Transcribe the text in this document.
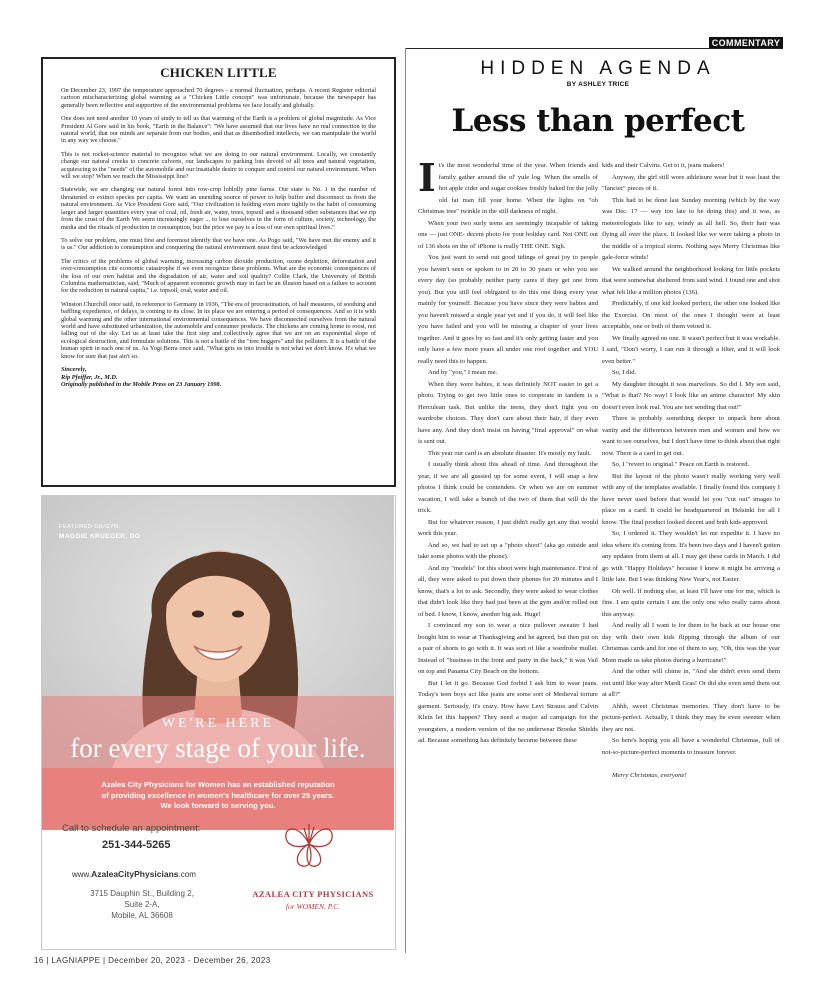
COMMENTARY
CHICKEN LITTLE

On December 23, 1997 the temperature approached 70 degrees - a normal fluctuation, perhaps. A recent Register editorial cartoon mischaracterizing global warming as a "Chicken Little concept" was unfortunate, because the newspaper has generally been reflective and supportive of the environmental problems we face locally and globally.

One does not need another 10 years of study to tell us that warming of the Earth is a problem of global magnitude. As Vice President Al Gore said in his book, "Earth in the Balance": "We have assumed that our lives have no real connection to the natural world, that our minds are separate from our bodies, and that as disembodied intellects, we can manipulate the world in any way we choose."

This is not rocket-science material to recognize what we are doing to our natural environment. Locally, we constantly change our natural creeks to concrete culverts, our landscapes to parking lots devoid of all trees and natural vegetation, acquiescing to the "needs" of the automobile and our insatiable desire to conquer and control our natural environment. When will we stop? When we reach the Mississippi line?

Statewide, we are changing our natural forest into row-crop loblolly pine farms. Our state is No. 1 in the number of threatened or extinct species per capita. We want an unending source of power to help buffer and disconnect us from the natural environment. As Vice President Gore said, "Our civilization is holding even more tightly to the habit of consuming larger and larger quantities every year of coal, oil, fresh air, water, trees, topsoil and a thousand other substances that we rip from the crust of the Earth We seem increasingly eager ... to lose ourselves in the form of culture, society, technology, the media and the rituals of production in consumption, but the price we pay is a loss of our own spiritual lives."

To solve our problem, one must first and foremost identify that we have one. As Pogo said, "We have met the enemy and it is us." Our addiction to consumption and conquering the natural environment must first be acknowledged

The critics of the problems of global warming, increasing carbon dioxide production, ozone depletion, deforestation and over-consumption cite economic catastrophe if we even recognize these problems. What are the economic consequences of the loss of our own habitat and the degradation of air, water and soil quality? Collin Clark, the University of British Columbia mathematician, said, "Much of apparent economic growth may in fact be an illusion based on a failure to account for the reduction in natural capita," i.e. topsoil, coal, water and oil.

Winston Churchill once said, in reference to Germany in 1936, "The era of procrastination, of half measures, of soothing and baffling expedience, of delays, is coming to its close. In its place we are entering a period of consequences. And so it is with global warming and the other international environmental consequences. We have disconnected ourselves from the natural world and have substituted urbanization, the automobile and consumer products. The chickens are coming home to roost, not falling out of the sky. Let us at least take the first step and collectively agree that we are on an exponential slope of ecological destruction, and formulate solutions. This is not a battle of the "tree huggers" and the polluters. It is a battle of the human spirit in each one of us. As Yogi Berra once said, "What gets us into trouble is not what we don't know. It's what we know for sure that just ain't so.

Sincerely,
Rip Pfeiffer, Jr., M.D.
Originally published in the Mobile Press on 23 January 1998.
FEATURED OB/GYN:
MAGGIE KRUEGER, DO
WE'RE HERE
for every stage of your life.
Azalea City Physicians for Women has an established reputation
of providing excellence in women's healthcare for over 25 years.
We look forward to serving you.
Call to schedule an appointment:
251-344-5265
www.AzaleaCityPhysicians.com
3715 Dauphin St., Building 2,
Suite 2-A,
Mobile, AL 36608
AZALEA CITY PHYSICIANS
for WOMEN, P.C.
HIDDEN AGENDA
BY ASHLEY TRICE
Less than perfect

It's the most wonderful time of the year. When friends and family gather around the ol' yule log. When the smells of hot apple cider and sugar cookies freshly baked for the jolly old fat man fill your home. When the lights on "oh Christmas tree" twinkle in the still darkness of night.

When your two surly teens are seemingly incapable of taking one — just ONE- decent photo for your holiday card. Not ONE out of 136 shots on the ol' iPhone is really THE ONE. Sigh.

You just want to send out good tidings of great joy to people you haven't seen or spoken to in 20 to 30 years or who you see every day (so probably neither party cares if they get one from you). But you still feel obligated to do this one thing every year mainly for yourself. Because you have since they were babies and you haven't missed a single year yet and if you do, it will feel like you have failed and you will be missing a chapter of your lives together. And it goes by so fast and it's only getting faster and you only have a few more years all under one roof together and YOU really need this to happen.

And by "you," I mean me.

When they were babies, it was definitely NOT easier to get a photo. Trying to get two little ones to cooperate in tandem is a Herculean task. But unlike the teens, they don't fight you on wardrobe choices. They don't care about their hair, if they even have any. And they don't insist on having "final approval" on what is sent out.

This year our card is an absolute disaster. It's mostly my fault.

I usually think about this ahead of time. And throughout the year, if we are all gussied up for some event, I will snap a few photos I think could be contenders. Or when we are on summer vacation, I will take a bunch of the two of them that will do the trick.

But for whatever reason, I just didn't really get any that would work this year.

And so, we had to set up a "photo shoot" (aka go outside and take some photos with the phone).

And my "models" for this shoot were high maintenance. First of all, they were asked to put down their phones for 20 minutes and I know, that's a lot to ask. Secondly, they were asked to wear clothes that didn't look like they had just been at the gym and/or rolled out of bed. I know, I know, another big ask. Huge!

I convinced my son to wear a nice pullover sweater I had bought him to wear at Thanksgiving and he agreed, but then put on a pair of shorts to go with it. It was sort of like a wardrobe mullet. Instead of "business in the front and party in the back," it was Vail on top and Panama City Beach on the bottom.

But I let it go. Because God forbid I ask him to wear jeans. Today's teen boys act like jeans are some sort of Medieval torture garment. Seriously, it's crazy. How have Levi Strauss and Calvin Klein let this happen? They need a major ad campaign for the youngsters, a modern version of the no underwear Brooke Shields ad. Because something has definitely become between these

kids and their Calvins. Get to it, jeans makers!

Anyway, the girl still wore athleisure wear but it was least the "fancier" pieces of it.

This had to be done last Sunday morning (which by the way was Dec. 17 — way too late to be doing this) and it was, as meteorologists like to say, windy as all hell. So, their hair was flying all over the place. It looked like we were taking a photo in the middle of a tropical storm. Nothing says Merry Christmas like gale-force winds!

We walked around the neighborhood looking for little pockets that were somewhat sheltered from said wind. I found one and shot what felt like a million photos (136).

Predictably, if one kid looked perfect, the other one looked like the Exorcist. On most of the ones I thought were at least acceptable, one or both of them vetoed it.

We finally agreed on one. It wasn't perfect but it was workable. I said, "Don't worry, I can run it through a filter, and it will look even better."

So, I did.

My daughter thought it was marvelous. So did I. My son said, "What is that? No way! I look like an anime character! My skin doesn't even look real. You are not sending that out!"

There is probably something deeper to unpack here about vanity and the differences between men and women and how we want to see ourselves, but I don't have time to think about that right now. There is a card to get out.

So, I "revert to original." Peace on Earth is restored.

But the layout of the photo wasn't really working very well with any of the templates available. I finally found this company I have never used before that would let you "cut out" images to place on a card. It could be headquartered in Helsinki for all I know. The final product looked decent and both kids approved.

So, I ordered it. They wouldn't let me expedite it. I have no idea where it's coming from. It's been two days and I haven't gotten any updates from them at all. I may get these cards in March. I did go with "Happy Holidays" because I knew it might be arriving a little late. But I was thinking New Year's, not Easter.

Oh well. If nothing else, at least I'll have one for me, which is fine. I am quite certain I am the only one who really cares about this anyway.

And really all I want is for them to be back at our house one day with their own kids flipping through the album of our Christmas cards and for one of them to say, "Oh, this was the year Mom made us take photos during a hurricane!"

And the other will chime in, "And she didn't even send them out until like way after Mardi Gras! Or did she even send them out at all?"

Ahhh, sweet Christmas memories. They don't have to be picture-perfect. Actually, I think they may be even sweeter when they are not.

So here's hoping you all have a wonderful Christmas, full of not-so-picture-perfect moments to treasure forever.

Merry Christmas, everyone!

16 | LAGNIAPPE | December 20, 2023 - December 26, 2023
